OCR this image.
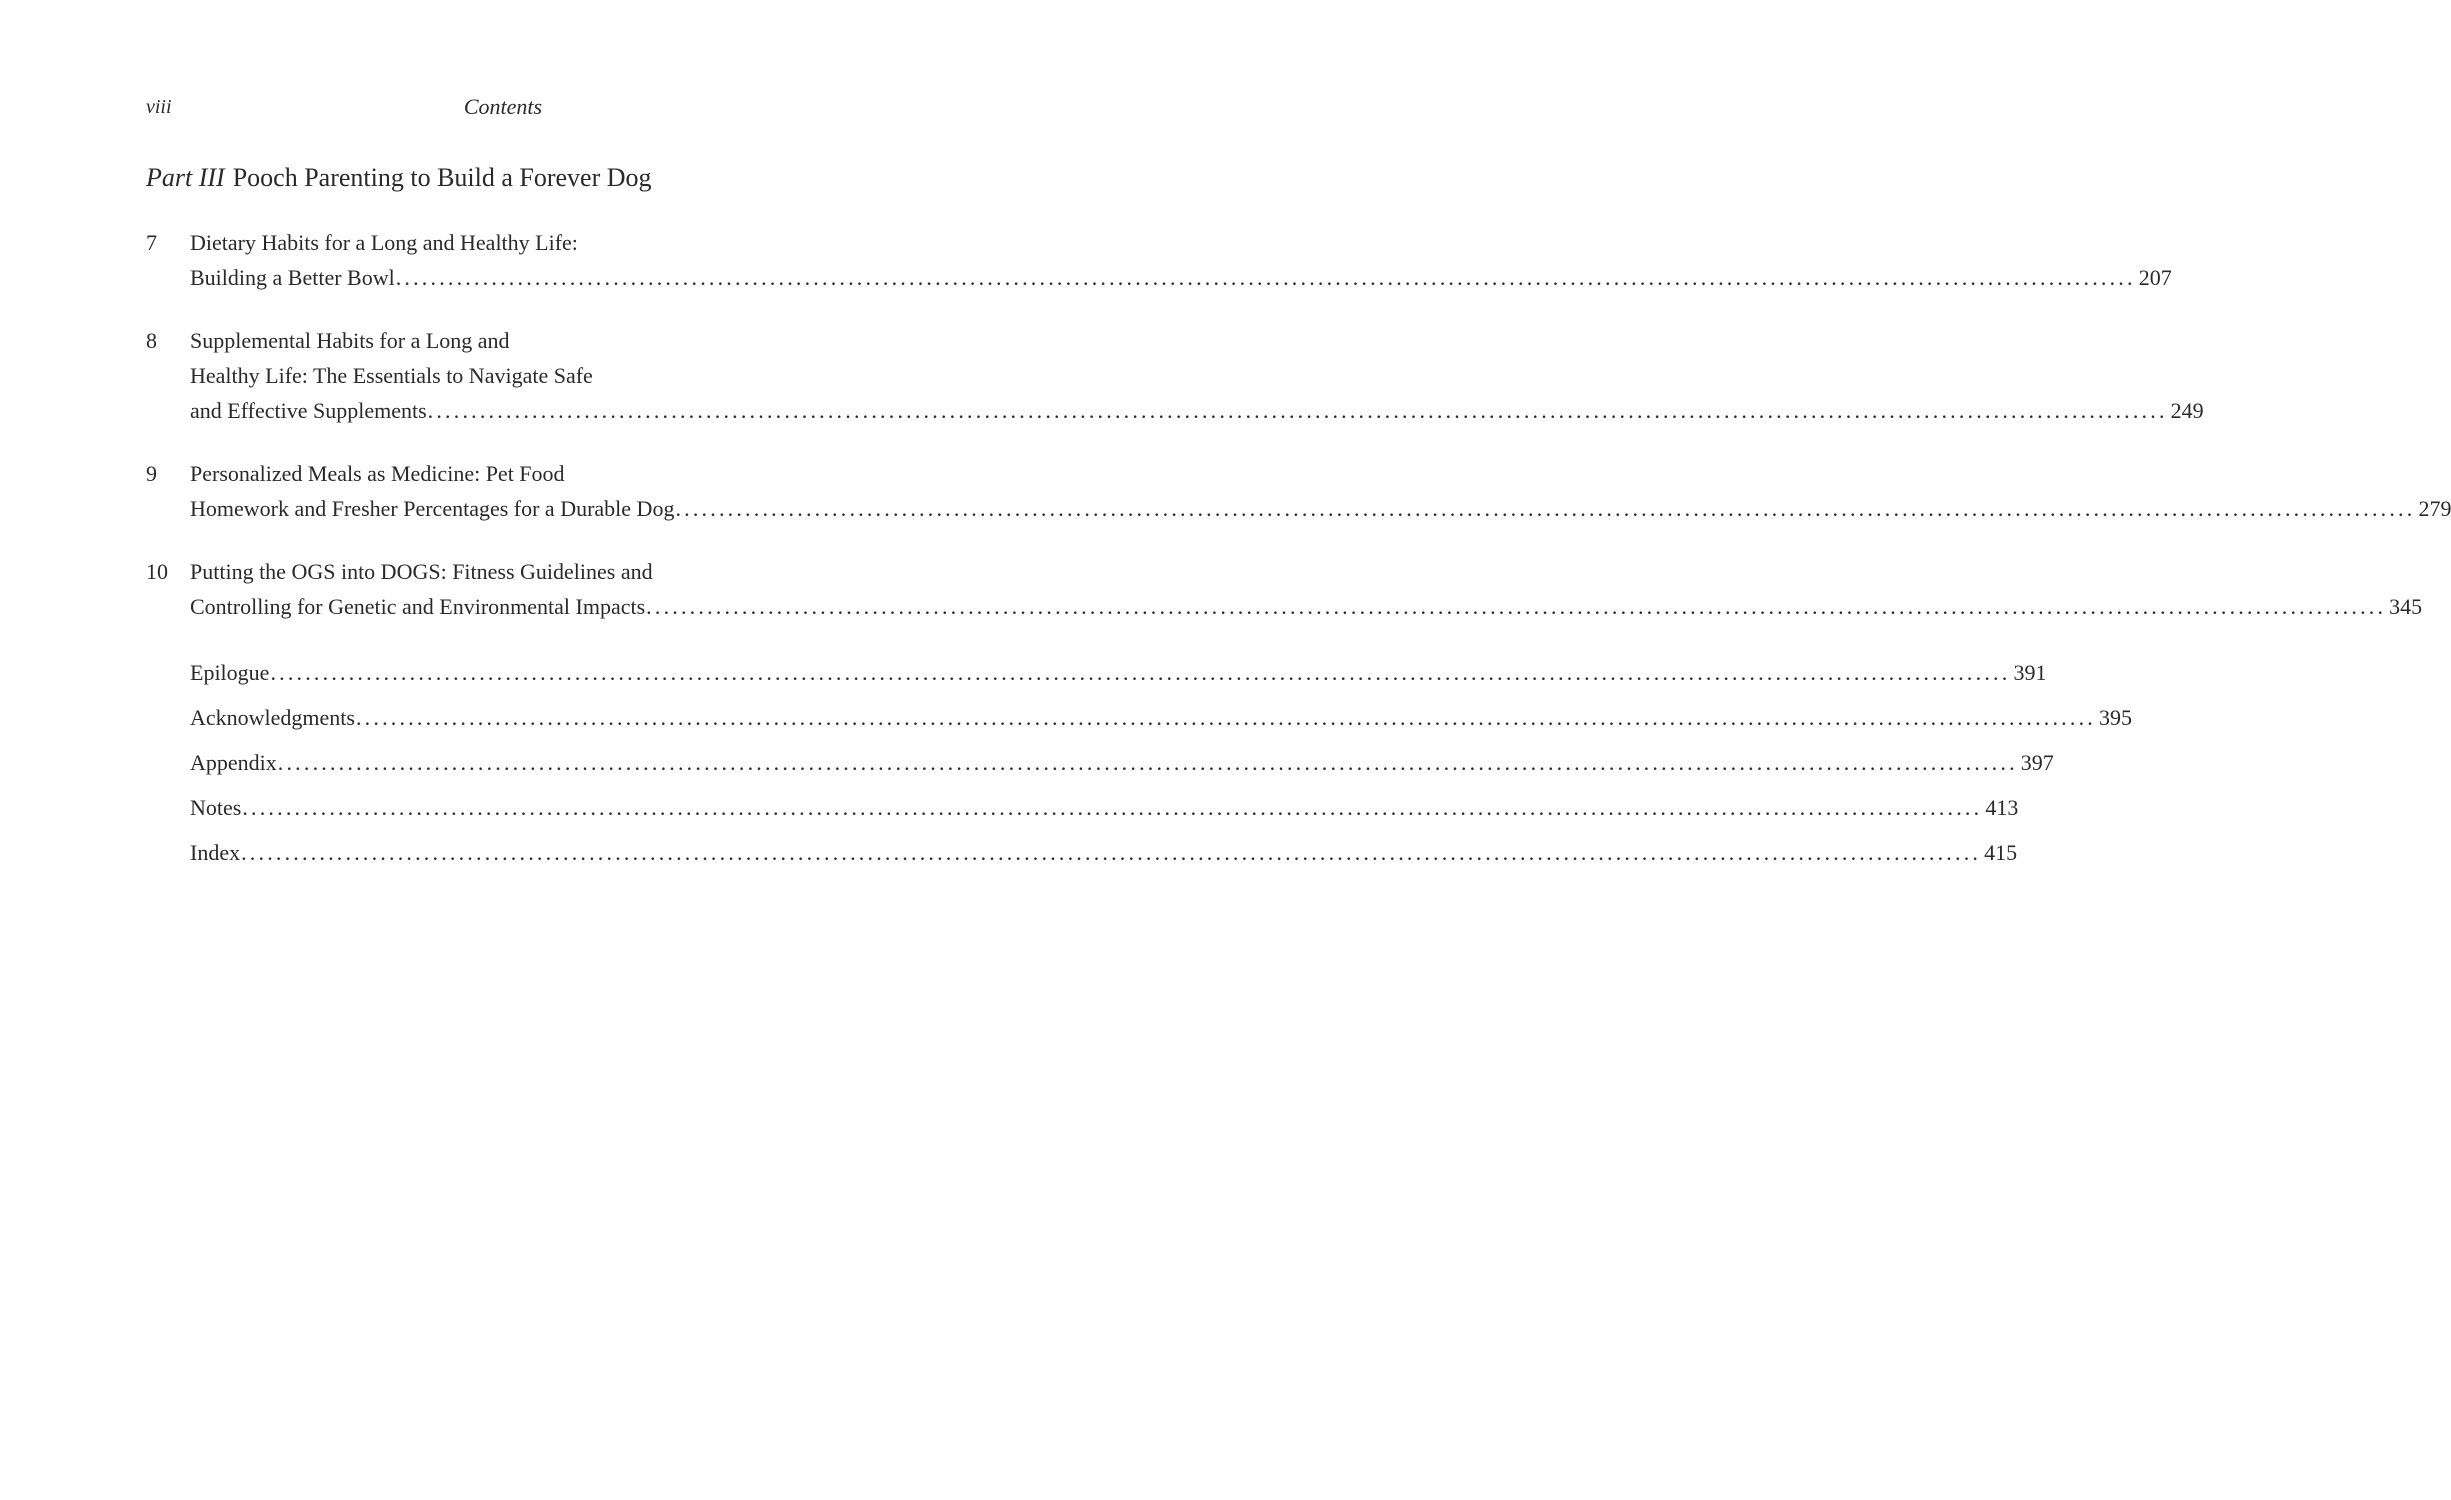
viii	Contents
Part III Pooch Parenting to Build a Forever Dog
7	Dietary Habits for a Long and Healthy Life:
Building a Better Bowl ........................................................................................................................................................................................................ 207
8	Supplemental Habits for a Long and
Healthy Life: The Essentials to Navigate Safe
and Effective Supplements ........................................................................................................................................................................................................ 249
9	Personalized Meals as Medicine: Pet Food
Homework and Fresher Percentages for a Durable Dog ........................................................................................................................................................................................................ 279
10	Putting the OGS into DOGS: Fitness Guidelines and
Controlling for Genetic and Environmental Impacts ........................................................................................................................................................................................................ 345
Epilogue ........................................................................................................................................................................................................ 391
Acknowledgments ........................................................................................................................................................................................................ 395
Appendix ........................................................................................................................................................................................................ 397
Notes ........................................................................................................................................................................................................ 413
Index ........................................................................................................................................................................................................ 415
